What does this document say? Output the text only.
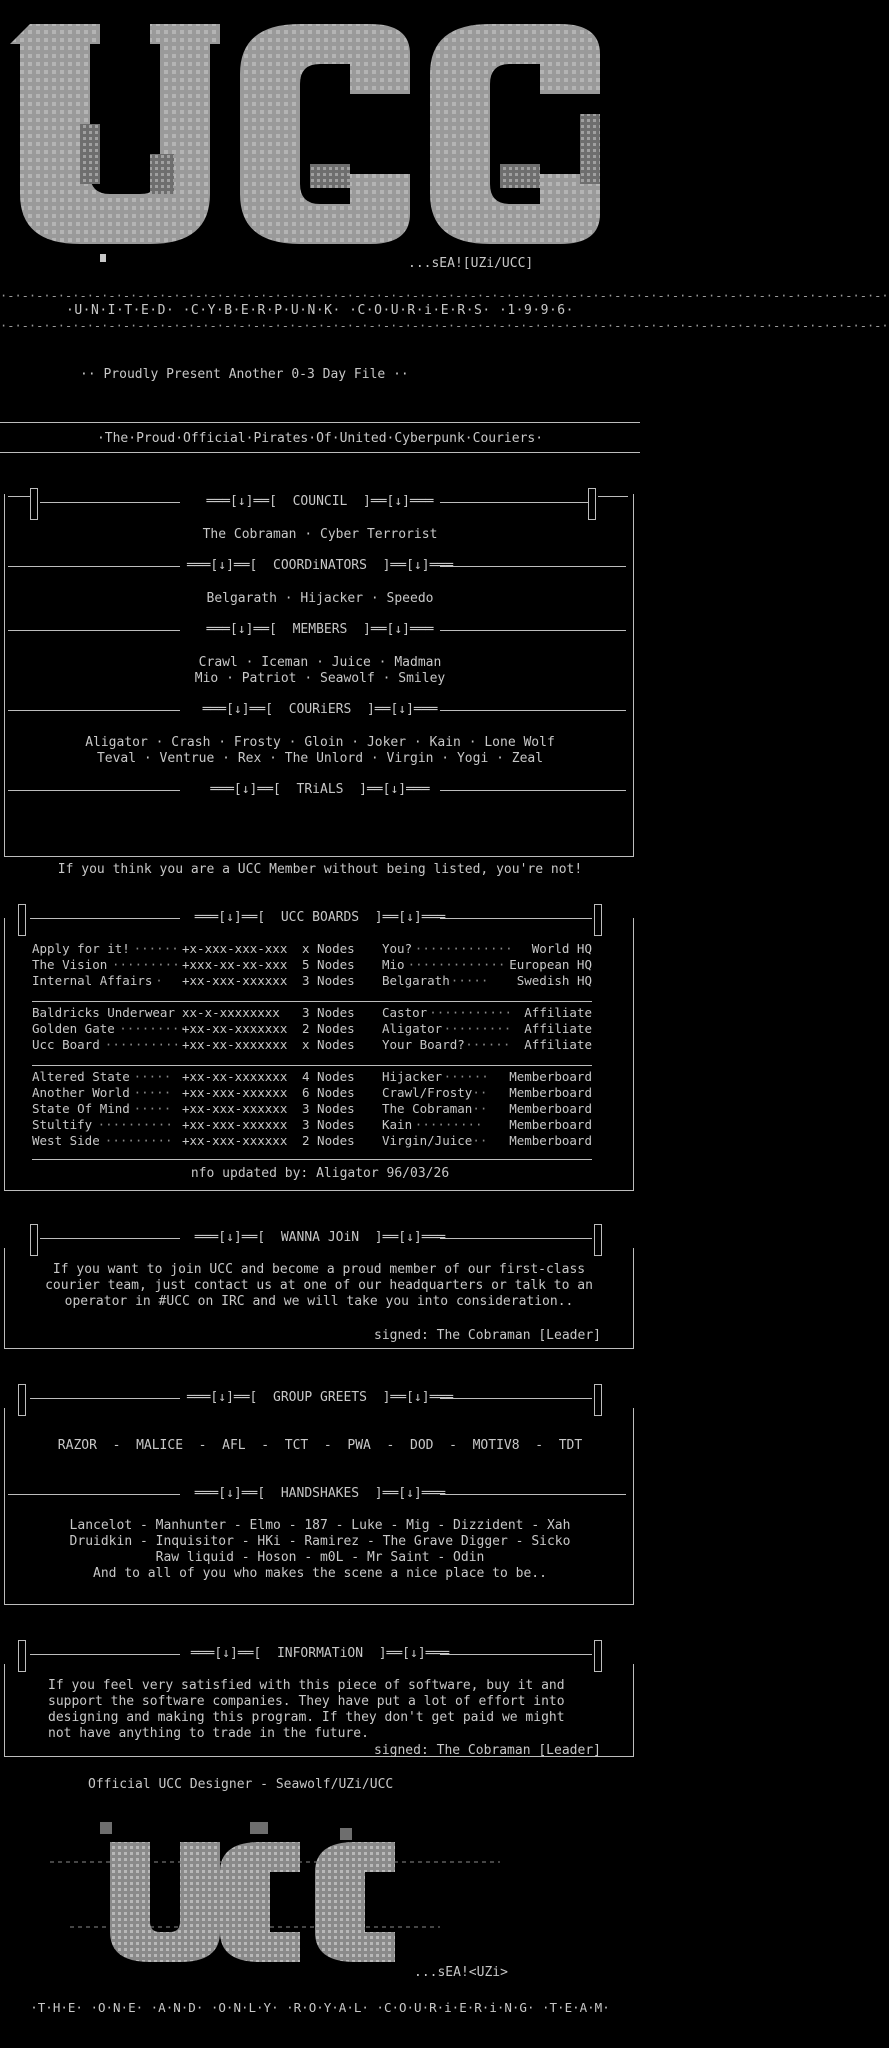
...sEA![UZi/UCC]
·-·-·-·-·-·-·-·-·-·-·-·-·-·-·-·-·-·-·-·-·-·-·-·-·-·-·-·-·-·-·-·-·-·-·-·-·-·-·-·-·-·-·-·-·-·-·-·-·-·-·-·-·-·-·-·-·-·-·-·-·-·
·U·N·I·T·E·D· ·C·Y·B·E·R·P·U·N·K· ·C·O·U·R·i·E·R·S· ·1·9·9·6·
·-·-·-·-·-·-·-·-·-·-·-·-·-·-·-·-·-·-·-·-·-·-·-·-·-·-·-·-·-·-·-·-·-·-·-·-·-·-·-·-·-·-·-·-·-·-·-·-·-·-·-·-·-·-·-·-·-·-·-·-·-·
·· Proudly Present Another 0-3 Day File ··
·The·Proud·Official·Pirates·Of·United·Cyberpunk·Couriers·
═══[↓]══[  COUNCIL  ]══[↓]═══
The Cobraman · Cyber Terrorist
═══[↓]══[  COORDiNATORS  ]══[↓]═══
Belgarath · Hijacker · Speedo
═══[↓]══[  MEMBERS  ]══[↓]═══
Crawl · Iceman · Juice · Madman
Mio · Patriot · Seawolf · Smiley
═══[↓]══[  COURiERS  ]══[↓]═══
Aligator · Crash · Frosty · Gloin · Joker · Kain · Lone Wolf
Teval · Ventrue · Rex · The Unlord · Virgin · Yogi · Zeal
═══[↓]══[  TRiALS  ]══[↓]═══
If you think you are a UCC Member without being listed, you're not!
═══[↓]══[  UCC BOARDS  ]══[↓]═══
Apply for it! ······ +x-xxx-xxx-xxx x Nodes You? ············· World HQ
The Vision ········· +xxx-xx-xx-xxx 5 Nodes Mio ············· European HQ
Internal Affairs · +xx-xxx-xxxxxx 3 Nodes Belgarath ····· Swedish HQ
Baldricks Underwear xx-x-xxxxxxxx 3 Nodes Castor ··········· Affiliate
Golden Gate ·········
+xx-xx-xxxxxxx 2 Nodes Aligator ········· Affiliate
Ucc Board ·········· +xx-xx-xxxxxxx x Nodes Your Board? ······ Affiliate
Altered State ····· +xx-xx-xxxxxxx 4 Nodes Hijacker ······ Memberboard
Another World ····· +xx-xxx-xxxxxx 6 Nodes Crawl/Frosty ·· Memberboard
State Of Mind ····· +xx-xxx-xxxxxx 3 Nodes The Cobraman ·· Memberboard
Stultify ·········· +xx-xxx-xxxxxx 3 Nodes Kain ········· Memberboard
West Side ········· +xx-xxx-xxxxxx 2 Nodes Virgin/Juice ·· Memberboard
nfo updated by: Aligator 96/03/26
═══[↓]══[  WANNA JOiN  ]══[↓]═══
If you want to join UCC and become a proud member of our first-class courier team, just contact us at one of our headquarters or talk to an operator in #UCC on IRC and we will take you into consideration..
signed: The Cobraman [Leader]
═══[↓]══[  GROUP GREETS  ]══[↓]═══
RAZOR  -  MALICE  -  AFL  -  TCT  -  PWA  -  DOD  -  MOTIV8  -  TDT
═══[↓]══[  HANDSHAKES  ]══[↓]═══
Lancelot - Manhunter - Elmo - 187 - Luke - Mig - Dizzident - Xah
Druidkin - Inquisitor - HKi - Ramirez - The Grave Digger - Sicko
Raw liquid - Hoson - m0L - Mr Saint - Odin
And to all of you who makes the scene a nice place to be..
═══[↓]══[  INFORMATiON  ]══[↓]═══
If you feel very satisfied with this piece of software, buy it and support the software companies. They have put a lot of effort into designing and making this program. If they don't get paid we might not have anything to trade in the future.
signed: The Cobraman [Leader]
Official UCC Designer - Seawolf/UZi/UCC
...sEA!<UZi>
·T·H·E· ·O·N·E· ·A·N·D· ·O·N·L·Y· ·R·O·Y·A·L· ·C·O·U·R·i·E·R·i·N·G· ·T·E·A·M·
